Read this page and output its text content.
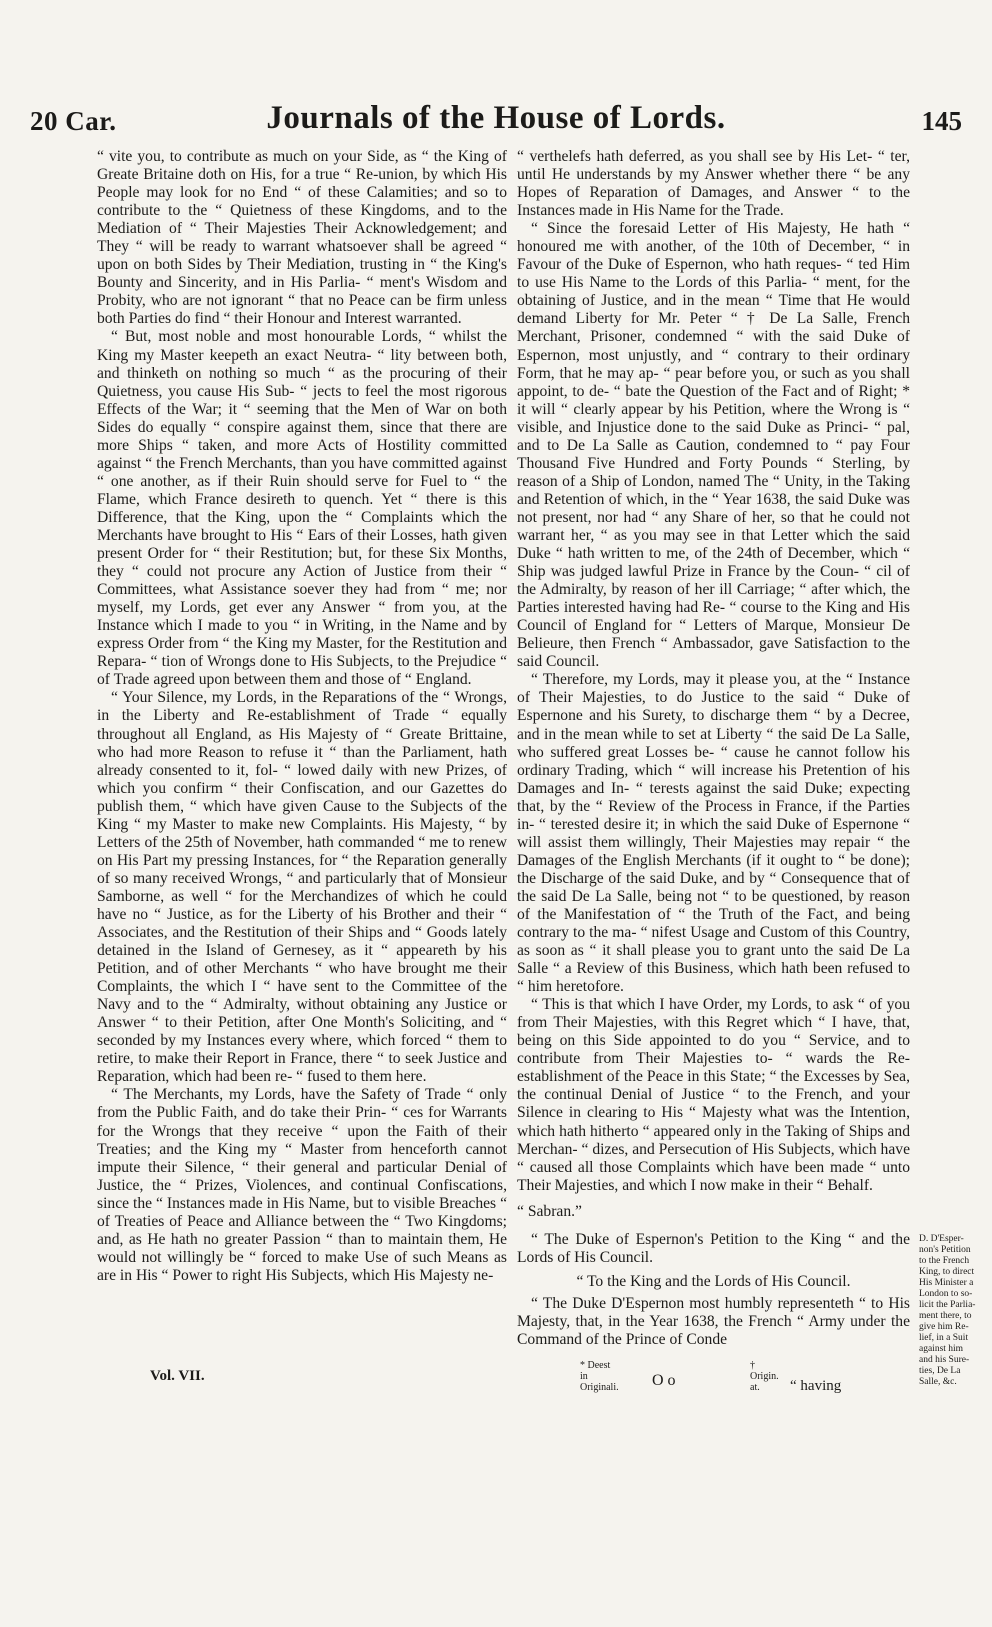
20 Car.	Journals of the House of Lords.	145

“ vite you, to contribute as much on your Side, as “ the King of Greate Britaine doth on His, for a true “ Re-union, by which His People may look for no End “ of these Calamities; and so to contribute to the “ Quietness of these Kingdoms, and to the Mediation of “ Their Majesties Their Acknowledgement; and They “ will be ready to warrant whatsoever shall be agreed “ upon on both Sides by Their Mediation, trusting in “ the King's Bounty and Sincerity, and in His Parlia- “ ment's Wisdom and Probity, who are not ignorant “ that no Peace can be firm unless both Parties do find “ their Honour and Interest warranted.

“ But, most noble and most honourable Lords, “ whilst the King my Master keepeth an exact Neutra- “ lity between both, and thinketh on nothing so much “ as the procuring of their Quietness, you cause His Sub- “ jects to feel the most rigorous Effects of the War; it “ seeming that the Men of War on both Sides do equally “ conspire against them, since that there are more Ships “ taken, and more Acts of Hostility committed against “ the French Merchants, than you have committed against “ one another, as if their Ruin should serve for Fuel to “ the Flame, which France desireth to quench. Yet “ there is this Difference, that the King, upon the “ Complaints which the Merchants have brought to His “ Ears of their Losses, hath given present Order for “ their Restitution; but, for these Six Months, they “ could not procure any Action of Justice from their “ Committees, what Assistance soever they had from “ me; nor myself, my Lords, get ever any Answer “ from you, at the Instance which I made to you “ in Writing, in the Name and by express Order from “ the King my Master, for the Restitution and Repara- “ tion of Wrongs done to His Subjects, to the Prejudice “ of Trade agreed upon between them and those of “ England.

“ Your Silence, my Lords, in the Reparations of the “ Wrongs, in the Liberty and Re-establishment of Trade “ equally throughout all England, as His Majesty of “ Greate Brittaine, who had more Reason to refuse it “ than the Parliament, hath already consented to it, fol- “ lowed daily with new Prizes, of which you confirm “ their Confiscation, and our Gazettes do publish them, “ which have given Cause to the Subjects of the King “ my Master to make new Complaints. His Majesty, “ by Letters of the 25th of November, hath commanded “ me to renew on His Part my pressing Instances, for “ the Reparation generally of so many received Wrongs, “ and particularly that of Monsieur Samborne, as well “ for the Merchandizes of which he could have no “ Justice, as for the Liberty of his Brother and their “ Associates, and the Restitution of their Ships and “ Goods lately detained in the Island of Gernesey, as it “ appeareth by his Petition, and of other Merchants “ who have brought me their Complaints, the which I “ have sent to the Committee of the Navy and to the “ Admiralty, without obtaining any Justice or Answer “ to their Petition, after One Month's Soliciting, and “ seconded by my Instances every where, which forced “ them to retire, to make their Report in France, there “ to seek Justice and Reparation, which had been re- “ fused to them here.

“ The Merchants, my Lords, have the Safety of Trade “ only from the Public Faith, and do take their Prin- “ ces for Warrants for the Wrongs that they receive “ upon the Faith of their Treaties; and the King my “ Master from henceforth cannot impute their Silence, “ their general and particular Denial of Justice, the “ Prizes, Violences, and continual Confiscations, since the “ Instances made in His Name, but to visible Breaches “ of Treaties of Peace and Alliance between the “ Two Kingdoms; and, as He hath no greater Passion “ than to maintain them, He would not willingly be “ forced to make Use of such Means as are in His “ Power to right His Subjects, which His Majesty ne-

“ verthelefs hath deferred, as you shall see by His Let- “ ter, until He understands by my Answer whether there “ be any Hopes of Reparation of Damages, and Answer “ to the Instances made in His Name for the Trade.

“ Since the foresaid Letter of His Majesty, He hath “ honoured me with another, of the 10th of December, “ in Favour of the Duke of Espernon, who hath reques- “ ted Him to use His Name to the Lords of this Parlia- “ ment, for the obtaining of Justice, and in the mean “ Time that He would demand Liberty for Mr. Peter “ † De La Salle, French Merchant, Prisoner, condemned “ with the said Duke of Espernon, most unjustly, and “ contrary to their ordinary Form, that he may ap- “ pear before you, or such as you shall appoint, to de- “ bate the Question of the Fact and of Right; * it will “ clearly appear by his Petition, where the Wrong is “ visible, and Injustice done to the said Duke as Princi- “ pal, and to De La Salle as Caution, condemned to “ pay Four Thousand Five Hundred and Forty Pounds “ Sterling, by reason of a Ship of London, named The “ Unity, in the Taking and Retention of which, in the “ Year 1638, the said Duke was not present, nor had “ any Share of her, so that he could not warrant her, “ as you may see in that Letter which the said Duke “ hath written to me, of the 24th of December, which “ Ship was judged lawful Prize in France by the Coun- “ cil of the Admiralty, by reason of her ill Carriage; “ after which, the Parties interested having had Re- “ course to the King and His Council of England for “ Letters of Marque, Monsieur De Belieure, then French “ Ambassador, gave Satisfaction to the said Council.

“ Therefore, my Lords, may it please you, at the “ Instance of Their Majesties, to do Justice to the said “ Duke of Espernone and his Surety, to discharge them “ by a Decree, and in the mean while to set at Liberty “ the said De La Salle, who suffered great Losses be- “ cause he cannot follow his ordinary Trading, which “ will increase his Pretention of his Damages and In- “ terests against the said Duke; expecting that, by the “ Review of the Process in France, if the Parties in- “ terested desire it; in which the said Duke of Espernone “ will assist them willingly, Their Majesties may repair “ the Damages of the English Merchants (if it ought to “ be done); the Discharge of the said Duke, and by “ Consequence that of the said De La Salle, being not “ to be questioned, by reason of the Manifestation of “ the Truth of the Fact, and being contrary to the ma- “ nifest Usage and Custom of this Country, as soon as “ it shall please you to grant unto the said De La Salle “ a Review of this Business, which hath been refused to “ him heretofore.

“ This is that which I have Order, my Lords, to ask “ of you from Their Majesties, with this Regret which “ I have, that, being on this Side appointed to do you “ Service, and to contribute from Their Majesties to- “ wards the Re-establishment of the Peace in this State; “ the Excesses by Sea, the continual Denial of Justice “ to the French, and your Silence in clearing to His “ Majesty what was the Intention, which hath hitherto “ appeared only in the Taking of Ships and Merchan- “ dizes, and Persecution of His Subjects, which have “ caused all those Complaints which have been made “ unto Their Majesties, and which I now make in their “ Behalf.

“ Sabran.”

“ The Duke of Espernon's Petition to the King “ and the Lords of His Council.

“ To the King and the Lords of His Council.

“ The Duke D'Espernon most humbly representeth “ to His Majesty, that, in the Year 1638, the French “ Army under the Command of the Prince of Conde

D. D'Esper-
non's Petition
to the French
King, to direct
His Minister a
London to so-
licit the Parlia-
ment there, to
give him Re-
lief, in a Suit
against him
and his Sure-
ties, De La
Salle, &c.
Vol. VII.
* Deest in Originali.
† Origin. at.
O o	“ having
